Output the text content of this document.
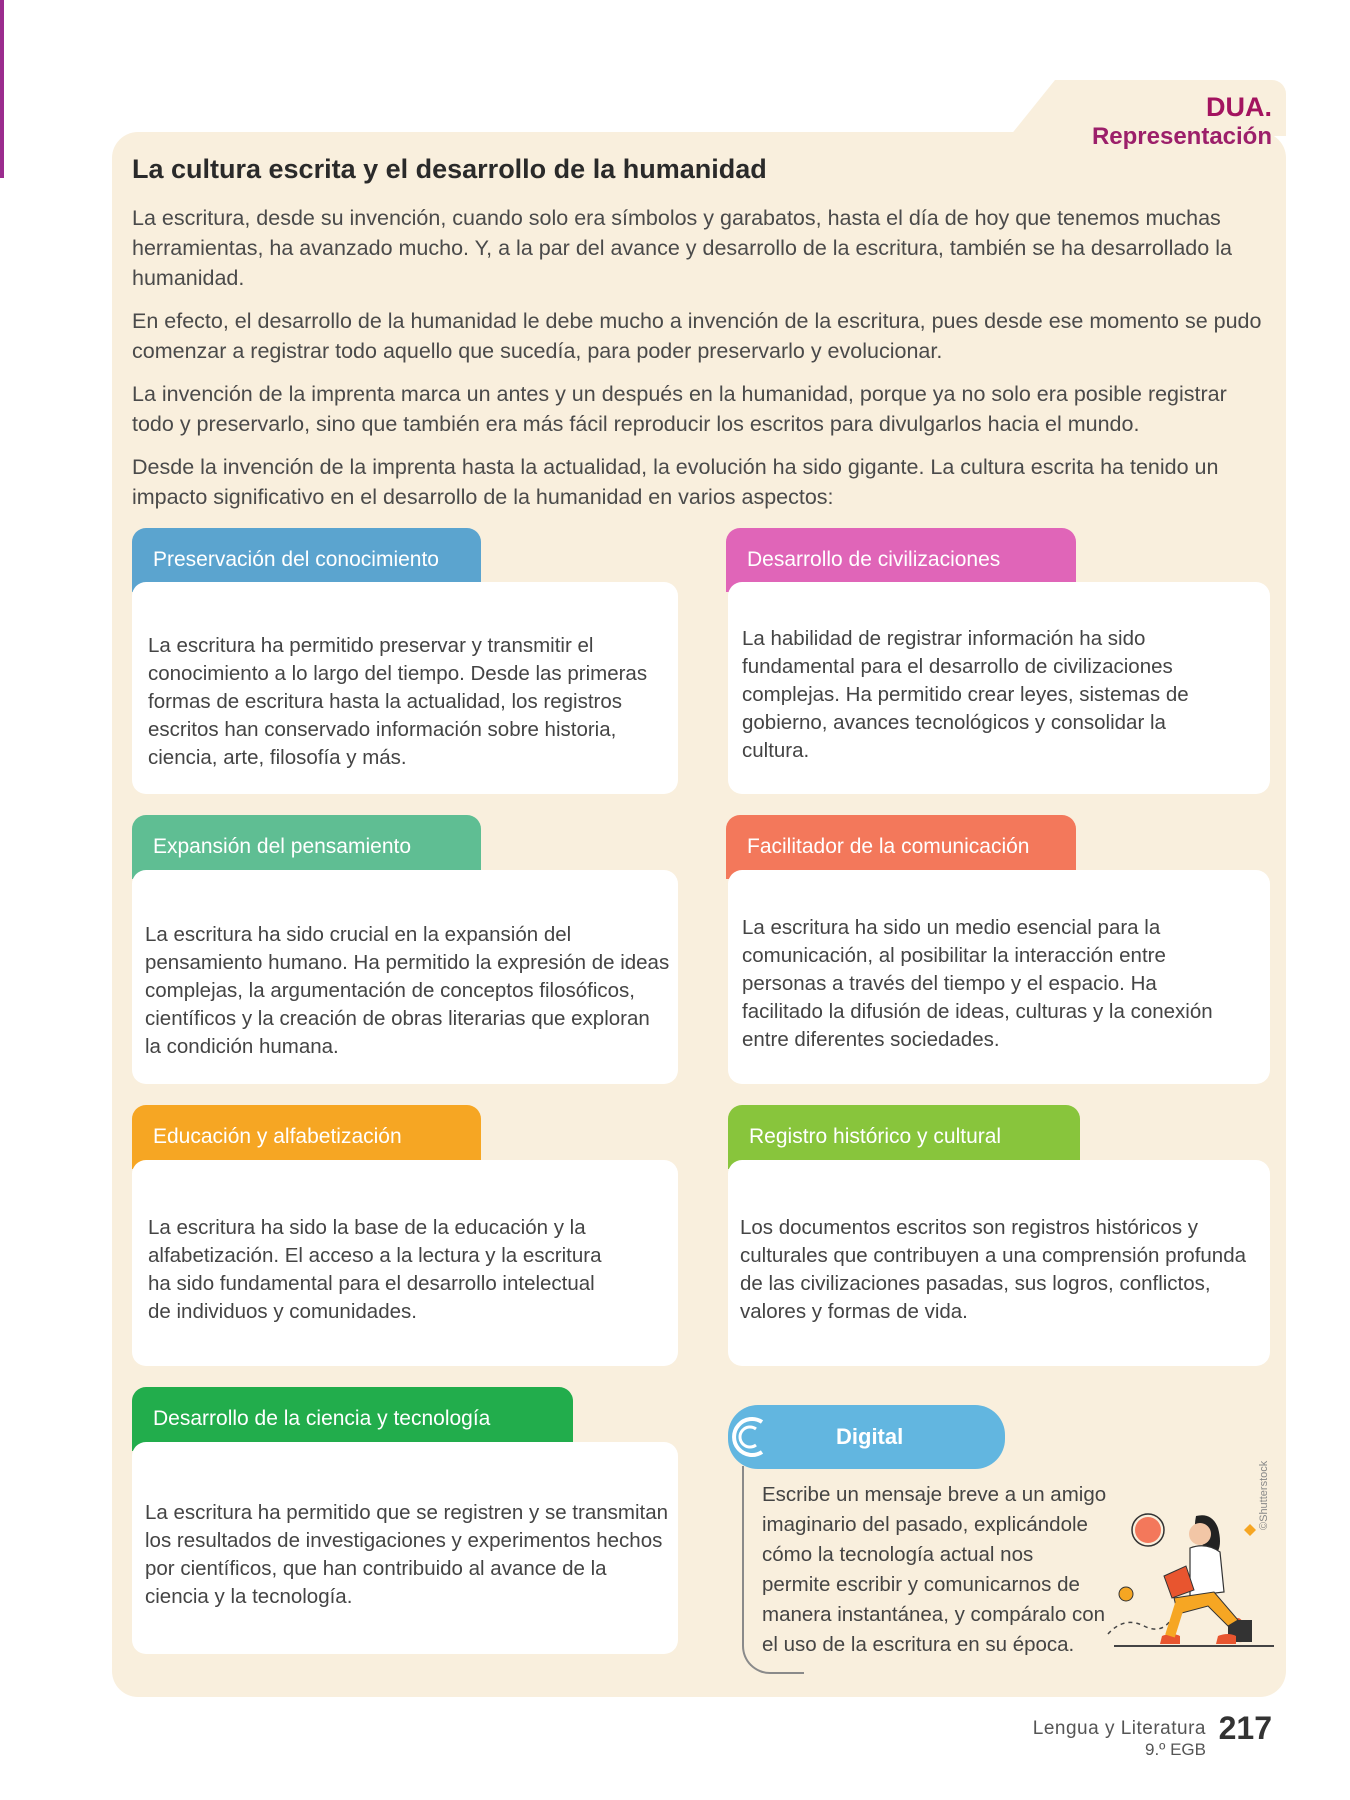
DUA. Representación
La cultura escrita y el desarrollo de la humanidad

La escritura, desde su invención, cuando solo era símbolos y garabatos, hasta el día de hoy que tenemos muchas herramientas, ha avanzado mucho. Y, a la par del avance y desarrollo de la escritura, también se ha desarrollado la humanidad.

En efecto, el desarrollo de la humanidad le debe mucho a invención de la escritura, pues desde ese momento se pudo comenzar a registrar todo aquello que sucedía, para poder preservarlo y evolucionar.

La invención de la imprenta marca un antes y un después en la humanidad, porque ya no solo era posible registrar todo y preservarlo, sino que también era más fácil reproducir los escritos para divulgarlos hacia el mundo.

Desde la invención de la imprenta hasta la actualidad, la evolución ha sido gigante. La cultura escrita ha tenido un impacto significativo en el desarrollo de la humanidad en varios aspectos:

Preservación del conocimiento

La escritura ha permitido preservar y transmitir el conocimiento a lo largo del tiempo. Desde las primeras formas de escritura hasta la actualidad, los registros escritos han conservado información sobre historia, ciencia, arte, filosofía y más.

Desarrollo de civilizaciones

La habilidad de registrar información ha sido fundamental para el desarrollo de civilizaciones complejas. Ha permitido crear leyes, sistemas de gobierno, avances tecnológicos y consolidar la cultura.

Expansión del pensamiento

La escritura ha sido crucial en la expansión del pensamiento humano. Ha permitido la expresión de ideas complejas, la argumentación de conceptos filosóficos, científicos y la creación de obras literarias que exploran la condición humana.

Facilitador de la comunicación

La escritura ha sido un medio esencial para la comunicación, al posibilitar la interacción entre personas a través del tiempo y el espacio. Ha facilitado la difusión de ideas, culturas y la conexión entre diferentes sociedades.

Educación y alfabetización

La escritura ha sido la base de la educación y la alfabetización. El acceso a la lectura y la escritura ha sido fundamental para el desarrollo intelectual de individuos y comunidades.

Registro histórico y cultural

Los documentos escritos son registros históricos y culturales que contribuyen a una comprensión profunda de las civilizaciones pasadas, sus logros, conflictos, valores y formas de vida.

Desarrollo de la ciencia y tecnología

La escritura ha permitido que se registren y se transmitan los resultados de investigaciones y experimentos hechos por científicos, que han contribuido al avance de la ciencia y la tecnología.

Digital

Escribe un mensaje breve a un amigo imaginario del pasado, explicándole cómo la tecnología actual nos permite escribir y comunicarnos de manera instantánea, y compáralo con el uso de la escritura en su época.

©Shutterstock
Lengua y Literatura
9.º EGB
217
